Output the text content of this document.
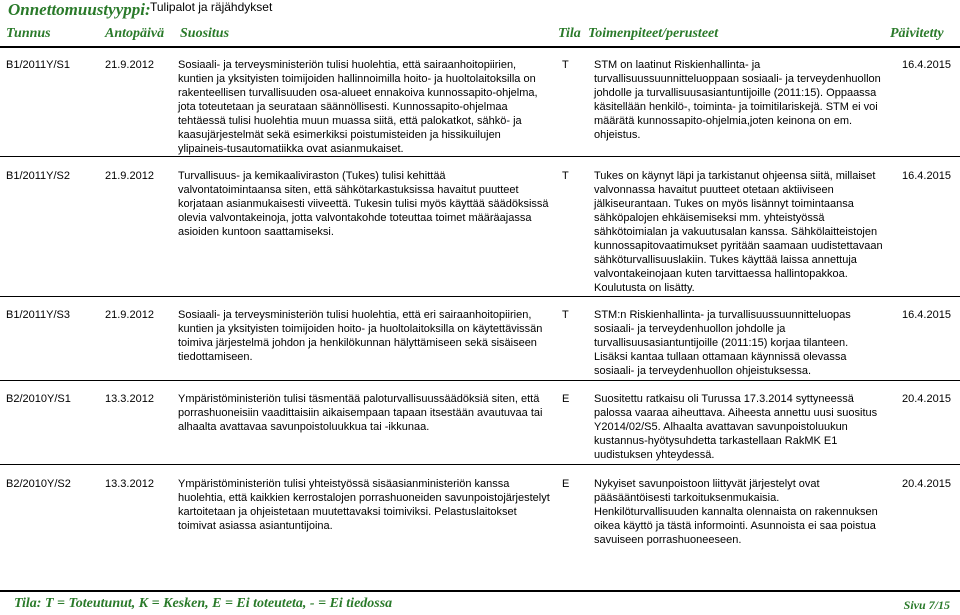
Onnettomuustyyppi: Tulipalot ja räjähdykset
Tunnus	Antopäivä Suositus	Tila Toimenpiteet/perusteet	Päivitetty
B1/2011Y/S1	21.9.2012	Sosiaali- ja terveysministeriön tulisi huolehtia, että sairaanhoitopiirien,
kuntien ja yksityisten toimijoiden hallinnoimilla hoito- ja huoltolaitoksilla on
rakenteellisen turvallisuuden osa-alueet ennakoiva kunnossapito-ohjelma,
jota toteutetaan ja seurataan säännöllisesti. Kunnossapito-ohjelmaa
tehtäessä tulisi huolehtia muun muassa siitä, että palokatkot, sähkö- ja
kaasujärjestelmät sekä esimerkiksi poistumisteiden ja hissikuilujen
ylipaineis-tusautomatiikka ovat asianmukaiset.
T	STM on laatinut Riskienhallinta- ja
turvallisuussuunnitteluoppaan sosiaali- ja terveydenhuollon
johdolle ja turvallisuusasiantuntijoille (2011:15). Oppaassa
käsitellään henkilö-, toiminta- ja toimitilariskejä. STM ei voi
määrätä kunnossapito-ohjelmia,joten keinona on em.
ohjeistus.
16.4.2015
B1/2011Y/S2	21.9.2012	Turvallisuus- ja kemikaaliviraston (Tukes) tulisi kehittää
valvontatoimintaansa siten, että sähkötarkastuksissa havaitut puutteet
korjataan asianmukaisesti viiveettä. Tukesin tulisi myös käyttää säädöksissä
olevia valvontakeinoja, jotta valvontakohde toteuttaa toimet määräajassa
asioiden kuntoon saattamiseksi.
T	Tukes on käynyt läpi ja tarkistanut ohjeensa siitä, millaiset
valvonnassa havaitut puutteet otetaan aktiiviseen
jälkiseurantaan. Tukes on myös lisännyt toimintaansa
sähköpalojen ehkäisemiseksi mm. yhteistyössä
sähkötoimialan ja vakuutusalan kanssa. Sähkölaitteistojen
kunnossapitovaatimukset pyritään saamaan uudistettavaan
sähköturvallisuuslakiin. Tukes käyttää laissa annettuja
valvontakeinojaan kuten tarvittaessa hallintopakkoa.
Koulutusta on lisätty.
16.4.2015
B1/2011Y/S3	21.9.2012	Sosiaali- ja terveysministeriön tulisi huolehtia, että eri sairaanhoitopiirien,
kuntien ja yksityisten toimijoiden hoito- ja huoltolaitoksilla on käytettävissän
toimiva järjestelmä johdon ja henkilökunnan hälyttämiseen sekä sisäiseen
tiedottamiseen.
T	STM:n Riskienhallinta- ja turvallisuussuunnitteluopas
sosiaali- ja terveydenhuollon johdolle ja
turvallisuusasiantuntijoille (2011:15) korjaa tilanteen.
Lisäksi kantaa tullaan ottamaan käynnissä olevassa
sosiaali- ja terveydenhuollon ohjeistuksessa.
16.4.2015
B2/2010Y/S1	13.3.2012	Ympäristöministeriön tulisi täsmentää paloturvallisuussäädöksiä siten, että
porrashuoneisiin vaadittaisiin aikaisempaan tapaan itsestään avautuvaa tai
alhaalta avattavaa savunpoistoluukkua tai -ikkunaa.
E	Suositettu ratkaisu oli Turussa 17.3.2014 syttyneessä
palossa vaaraa aiheuttava. Aiheesta annettu uusi suositus
Y2014/02/S5. Alhaalta avattavan savunpoistoluukun
kustannus-hyötysuhdetta tarkastellaan RakMK E1
uudistuksen yhteydessä.
20.4.2015
B2/2010Y/S2	13.3.2012	Ympäristöministeriön tulisi yhteistyössä sisäasianministeriön kanssa
huolehtia, että kaikkien kerrostalojen porrashuoneiden savunpoistojärjestelyt
kartoitetaan ja ohjeistetaan muutettavaksi toimiviksi. Pelastuslaitokset
toimivat asiassa asiantuntijoina.
E	Nykyiset savunpoistoon liittyvät järjestelyt ovat
pääsääntöisesti tarkoituksenmukaisia.
Henkilöturvallisuuden kannalta olennaista on rakennuksen
oikea käyttö ja tästä informointi. Asunnoista ei saa poistua
savuiseen porrashuoneeseen.
20.4.2015
Tila: T = Toteutunut, K = Kesken, E = Ei toteuteta, - = Ei tiedossa	Sivu 7/15
